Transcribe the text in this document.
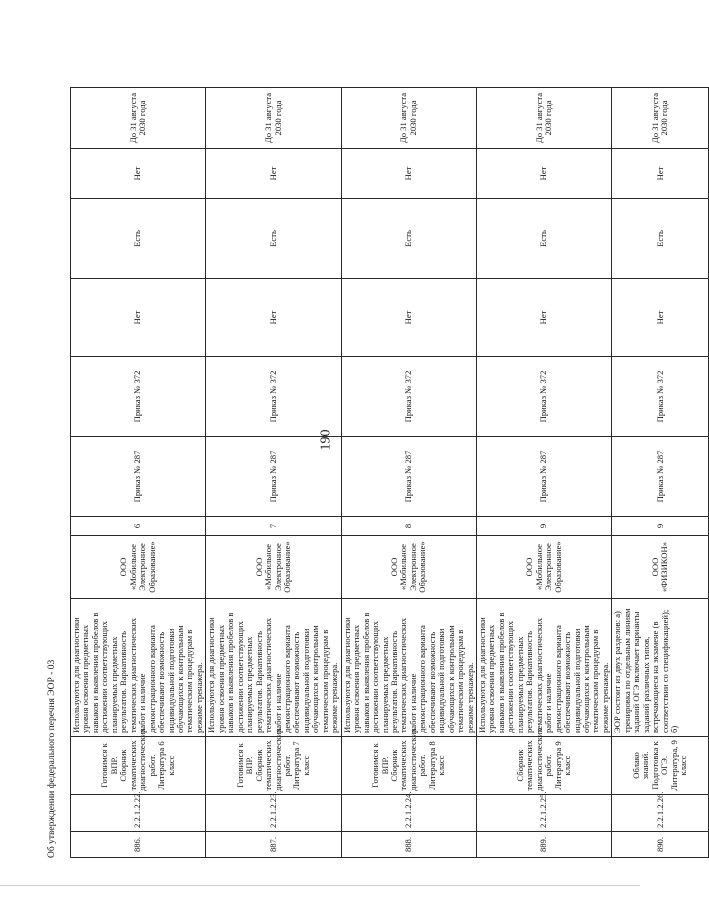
190
886.	2.2.1.2.22.	Готовимся к ВПР. Сборник тематических диагностических работ. Литература 6 класс	Используются для диагностики уровня освоения предметных навыков и выявления пробелов в достижении соответствующих планируемых предметных результатов. Вариативность тематических диагностических работ и наличие демонстрационного варианта обеспечивают возможность индивидуальной подготовки обучающихся к контрольным тематическим процедурам в режиме тренажера.	ООО «Мобильное Электронное Образование»	6	Приказ № 287	Приказ № 372	Нет	Есть	Нет	До 31 августа 2030 года
887.	2.2.1.2.23.	Готовимся к ВПР. Сборник тематических диагностических работ. Литература 7 класс	Используются для диагностики уровня освоения предметных навыков и выявления пробелов в достижении соответствующих планируемых предметных результатов. Вариативность тематических диагностических работ и наличие демонстрационного варианта обеспечивают возможность индивидуальной подготовки обучающихся к контрольным тематическим процедурам в режиме тренажера.	ООО «Мобильное Электронное Образование»	7	Приказ № 287	Приказ № 372	Нет	Есть	Нет	До 31 августа 2030 года
888.	2.2.1.2.24.	Готовимся к ВПР. Сборник тематических диагностических работ. Литература 8 класс	Используются для диагностики уровня освоения предметных навыков и выявления пробелов в достижении соответствующих планируемых предметных результатов. Вариативность тематических диагностических работ и наличие демонстрационного варианта обеспечивают возможность индивидуальной подготовки обучающихся к контрольным тематическим процедурам в режиме тренажера.	ООО «Мобильное Электронное Образование»	8	Приказ № 287	Приказ № 372	Нет	Есть	Нет	До 31 августа 2030 года
889.	2.2.1.2.25.	Сборник тематических диагностических работ. Литература 9 класс	Используются для диагностики уровня освоения предметных навыков и выявления пробелов в достижении соответствующих планируемых предметных результатов. Вариативность тематических диагностических работ и наличие демонстрационного варианта обеспечивают возможность индивидуальной подготовки обучающихся к контрольным тематическим процедурам в режиме тренажера.	ООО «Мобильное Электронное Образование»	9	Приказ № 287	Приказ № 372	Нет	Есть	Нет	До 31 августа 2030 года
890.	2.2.1.2.26.	Облако знаний. Подготовка к ОГЭ. Литература, 9 класс	ЭОР состоит из двух разделов: а) тренировка по отдельным линиям заданий ОГЭ включает варианты заданий различных типов, встречающиеся на экзамене (в соответствии со спецификацией); б)	ООО «ФИЗИКОН»	9	Приказ № 287	Приказ № 372	Нет	Есть	Нет	До 31 августа 2030 года
Об утверждении федерального перечня ЭОР - 03
